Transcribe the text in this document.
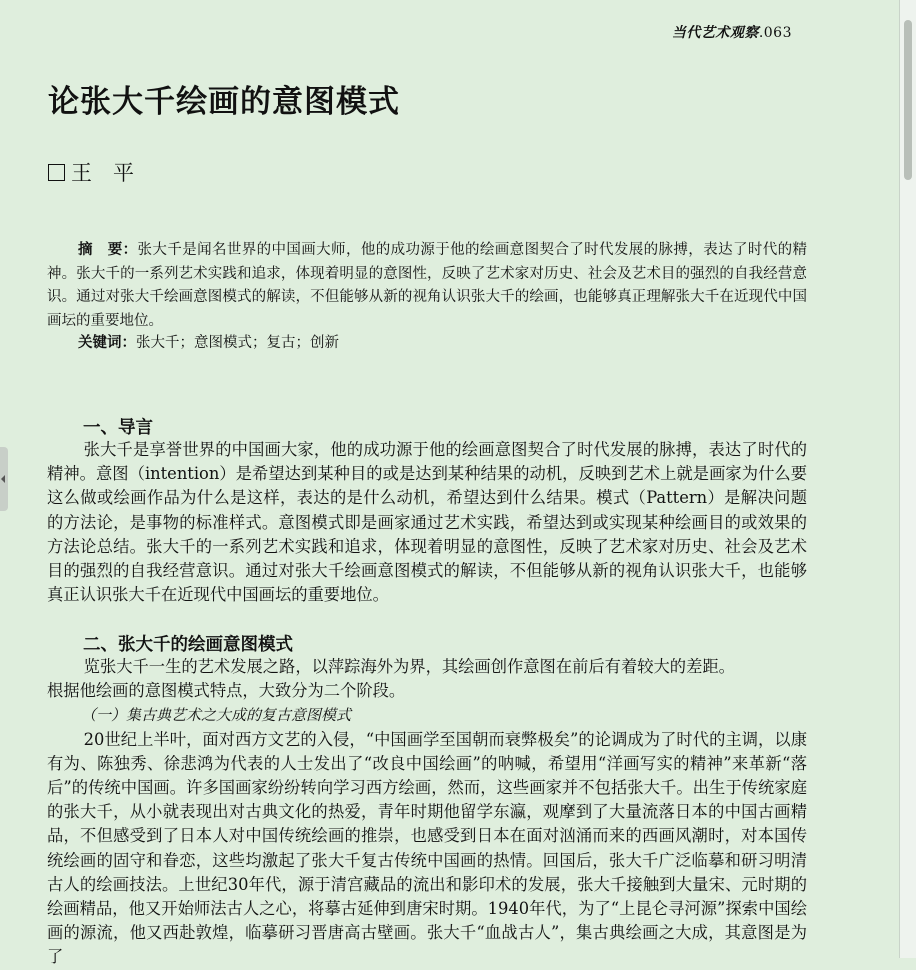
当代艺术观察.063
论张大千绘画的意图模式
王　平
摘　要：张大千是闻名世界的中国画大师，他的成功源于他的绘画意图契合了时代发展的脉搏，表达了时代的精神。张大千的一系列艺术实践和追求，体现着明显的意图性，反映了艺术家对历史、社会及艺术目的强烈的自我经营意识。通过对张大千绘画意图模式的解读，不但能够从新的视角认识张大千的绘画，也能够真正理解张大千在近现代中国画坛的重要地位。
关键词：张大千；意图模式；复古；创新
一、导言

张大千是享誉世界的中国画大家，他的成功源于他的绘画意图契合了时代发展的脉搏，表达了时代的精神。意图（intention）是希望达到某种目的或是达到某种结果的动机，反映到艺术上就是画家为什么要这么做或绘画作品为什么是这样，表达的是什么动机，希望达到什么结果。模式（Pattern）是解决问题的方法论，是事物的标准样式。意图模式即是画家通过艺术实践，希望达到或实现某种绘画目的或效果的方法论总结。张大千的一系列艺术实践和追求，体现着明显的意图性，反映了艺术家对历史、社会及艺术目的强烈的自我经营意识。通过对张大千绘画意图模式的解读，不但能够从新的视角认识张大千，也能够真正认识张大千在近现代中国画坛的重要地位。

二、张大千的绘画意图模式

览张大千一生的艺术发展之路，以萍踪海外为界，其绘画创作意图在前后有着较大的差距。

根据他绘画的意图模式特点，大致分为二个阶段。

（一）集古典艺术之大成的复古意图模式

20世纪上半叶，面对西方文艺的入侵，“中国画学至国朝而衰弊极矣”的论调成为了时代的主调，以康有为、陈独秀、徐悲鸿为代表的人士发出了“改良中国绘画”的呐喊，希望用“洋画写实的精神”来革新“落后”的传统中国画。许多国画家纷纷转向学习西方绘画，然而，这些画家并不包括张大千。出生于传统家庭的张大千，从小就表现出对古典文化的热爱，青年时期他留学东瀛，观摩到了大量流落日本的中国古画精品，不但感受到了日本人对中国传统绘画的推崇，也感受到日本在面对汹涌而来的西画风潮时，对本国传统绘画的固守和眷恋，这些均激起了张大千复古传统中国画的热情。回国后，张大千广泛临摹和研习明清古人的绘画技法。上世纪30年代，源于清宫藏品的流出和影印术的发展，张大千接触到大量宋、元时期的绘画精品，他又开始师法古人之心，将摹古延伸到唐宋时期。1940年代，为了“上昆仑寻河源”探索中国绘画的源流，他又西赴敦煌，临摹研习晋唐高古壁画。张大千“血战古人”，集古典绘画之大成，其意图是为了
